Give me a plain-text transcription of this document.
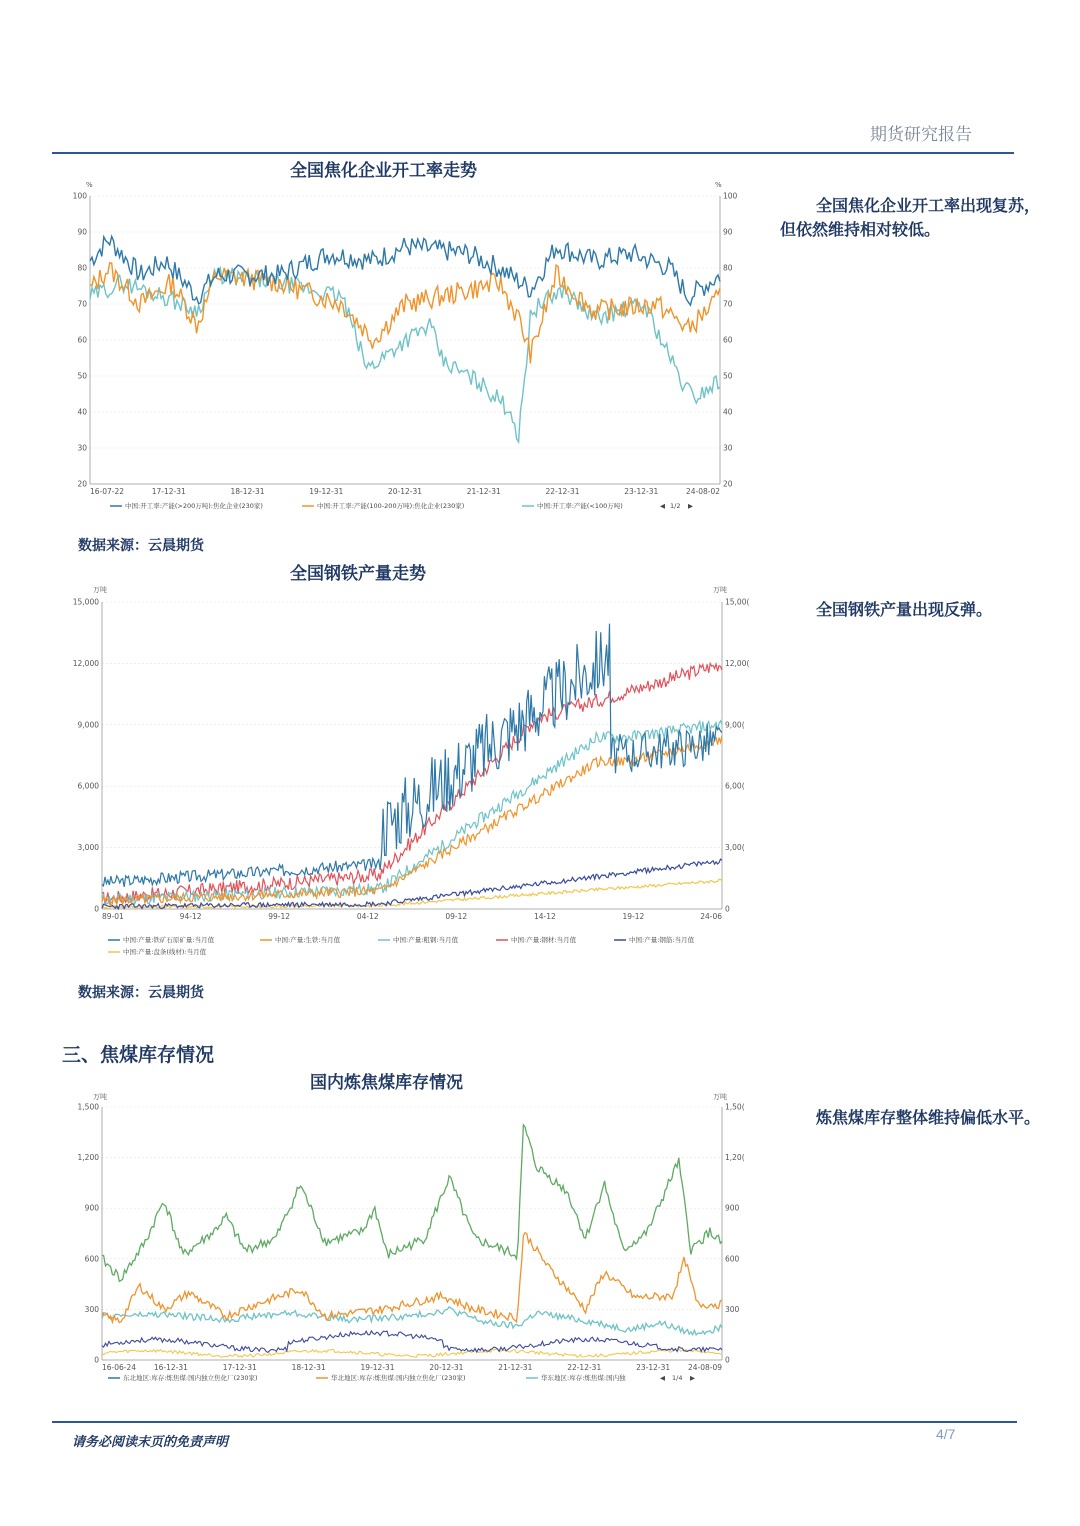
期货研究报告
全国焦化企业开工率走势
%	%
100
90
80
70
60
50
40
30
20
100
90
80
70
60
50
40
30
20
16-07-22	17-12-31	18-12-31	19-12-31	20-12-31	21-12-31	22-12-31	23-12-31	24-08-02
中国:开工率:产能(>200万吨):焦化企业(230家)	中国:开工率:产能(100-200万吨):焦化企业(230家)	中国:开工率:产能(<100万吨)	◀ 1/2 ▶
全国焦化企业开工率出现复苏，但依然维持相对较低。
数据来源：云晨期货
全国钢铁产量走势
万吨	万吨
15,000
12,000
9,000
6,000
3,000
0
15,00(
12,00(
9,00(
6,00(
3,00(
0
89-01	94-12	99-12	04-12	09-12	14-12	19-12	24-06
中国:产量:铁矿石原矿量:当月值	中国:产量:生铁:当月值	中国:产量:粗钢:当月值	中国:产量:钢材:当月值	中国:产量:钢筋:当月值
中国:产量:盘条(线材):当月值
全国钢铁产量出现反弹。
数据来源：云晨期货
三、焦煤库存情况
国内炼焦煤库存情况
万吨	万吨
1,500
1,200
900
600
300
0
1,50(
1,20(
900
600
300
0
16-06-24 16-12-31	17-12-31	18-12-31	19-12-31	20-12-31	21-12-31	22-12-31	23-12-31 24-08-09
东北地区:库存:炼焦煤:国内独立焦化厂(230家)	华北地区:库存:炼焦煤:国内独立焦化厂(230家)	华东地区:库存:炼焦煤:国内独	◀ 1/4 ▶
炼焦煤库存整体维持偏低水平。
请务必阅读末页的免责声明
4/7
